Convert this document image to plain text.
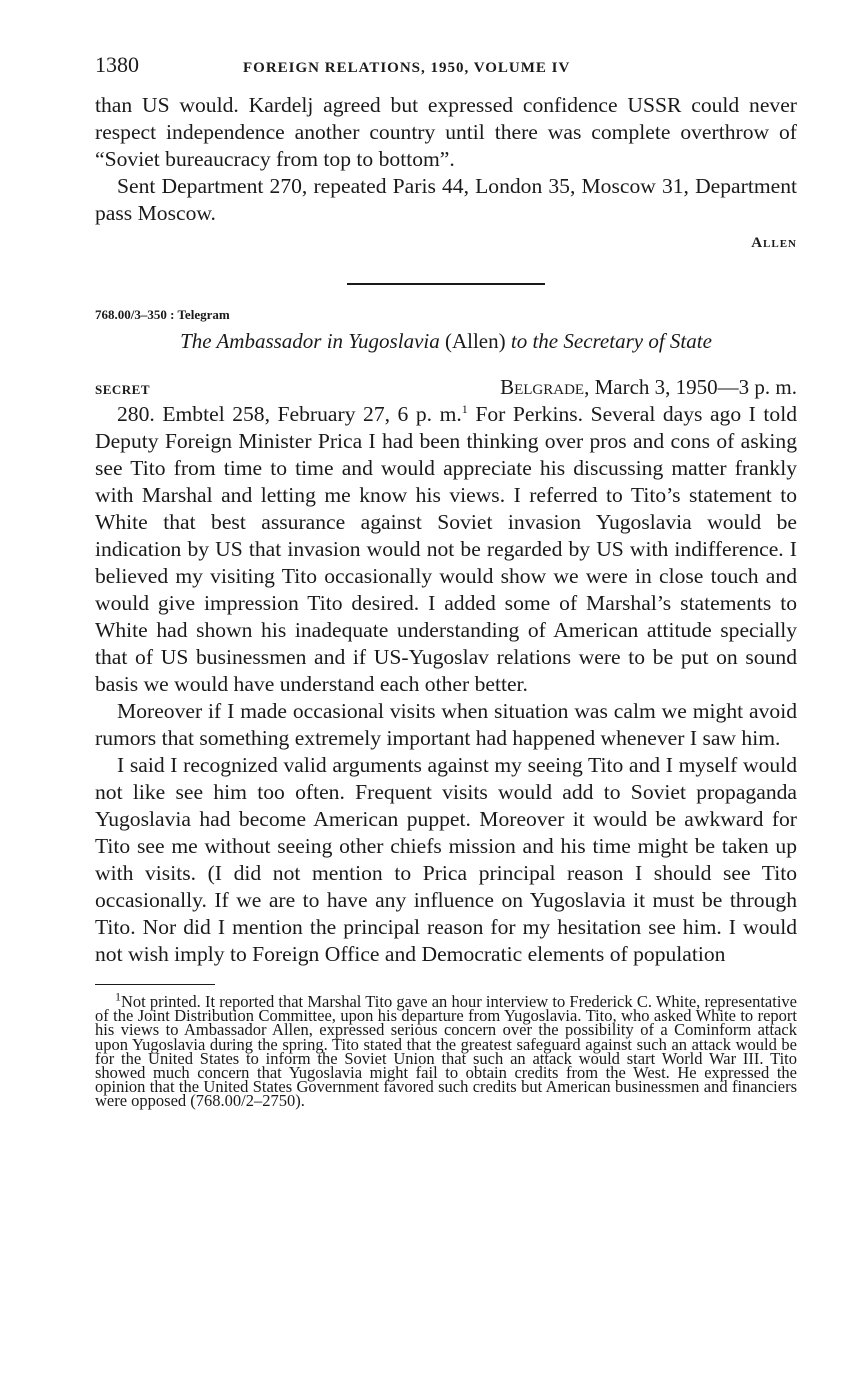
1380	FOREIGN RELATIONS, 1950, VOLUME IV

than US would. Kardelj agreed but expressed confidence USSR could never respect independence another country until there was complete overthrow of “Soviet bureaucracy from top to bottom”.

Sent Department 270, repeated Paris 44, London 35, Moscow 31, Department pass Moscow.

Allen
768.00/3–350 : Telegram
The Ambassador in Yugoslavia (Allen) to the Secretary of State
SECRET	Belgrade, March 3, 1950—3 p. m.

280. Embtel 258, February 27, 6 p. m.$^1$ For Perkins. Several days ago I told Deputy Foreign Minister Prica I had been thinking over pros and cons of asking see Tito from time to time and would appreciate his discussing matter frankly with Marshal and letting me know his views. I referred to Tito’s statement to White that best assurance against Soviet invasion Yugoslavia would be indication by US that invasion would not be regarded by US with indifference. I believed my visiting Tito occasionally would show we were in close touch and would give impression Tito desired. I added some of Marshal’s statements to White had shown his inadequate understanding of American attitude specially that of US businessmen and if US-Yugoslav relations were to be put on sound basis we would have understand each other better.

Moreover if I made occasional visits when situation was calm we might avoid rumors that something extremely important had happened whenever I saw him.

I said I recognized valid arguments against my seeing Tito and I myself would not like see him too often. Frequent visits would add to Soviet propaganda Yugoslavia had become American puppet. Moreover it would be awkward for Tito see me without seeing other chiefs mission and his time might be taken up with visits. (I did not mention to Prica principal reason I should see Tito occasionally. If we are to have any influence on Yugoslavia it must be through Tito. Nor did I mention the principal reason for my hesitation see him. I would not wish imply to Foreign Office and Democratic elements of population

$^1$Not printed. It reported that Marshal Tito gave an hour interview to Frederick C. White, representative of the Joint Distribution Committee, upon his departure from Yugoslavia. Tito, who asked White to report his views to Ambassador Allen, expressed serious concern over the possibility of a Cominform attack upon Yugoslavia during the spring. Tito stated that the greatest safeguard against such an attack would be for the United States to inform the Soviet Union that such an attack would start World War III. Tito showed much concern that Yugoslavia might fail to obtain credits from the West. He expressed the opinion that the United States Government favored such credits but American businessmen and financiers were opposed (768.00/2–2750).
